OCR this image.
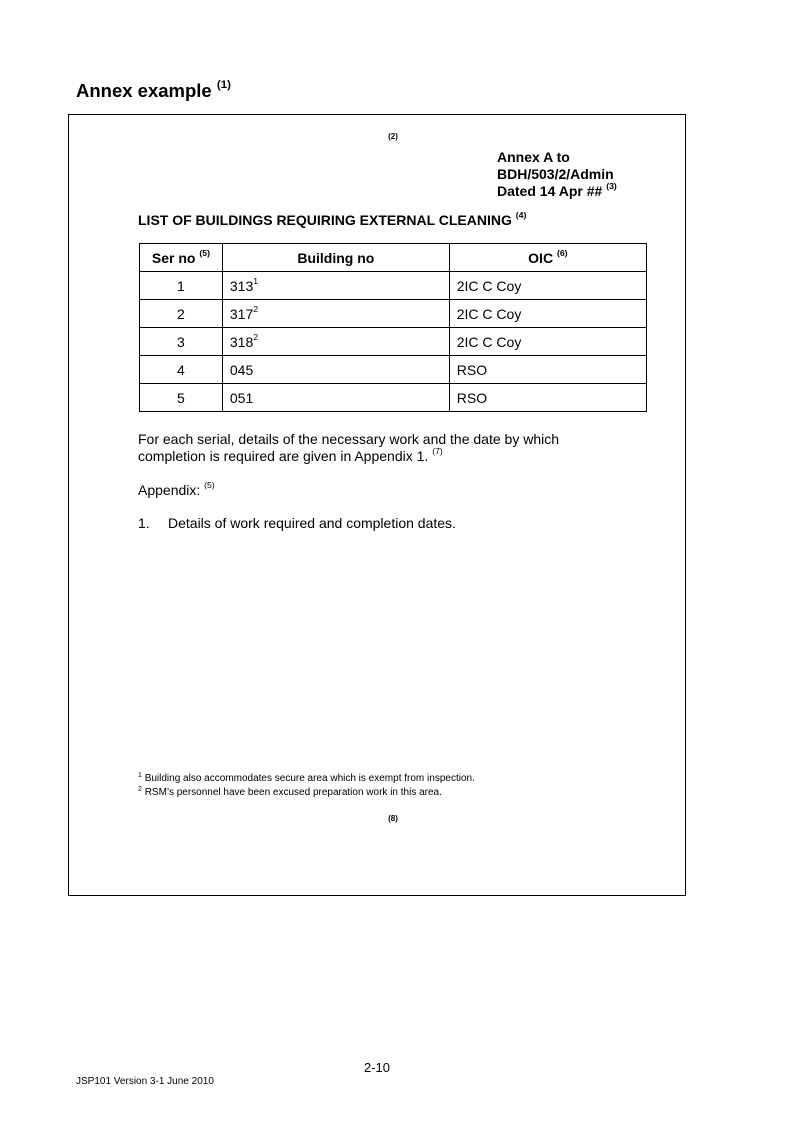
Annex example $^{(1)}$
(2)
Annex A to
BDH/503/2/Admin
Dated 14 Apr ## $^{(3)}$
LIST OF BUILDINGS REQUIRING EXTERNAL CLEANING $^{(4)}$
Ser no $^{(5)}$	Building no	OIC $^{(6)}$
1	$313^1$	2IC C Coy
2	$317^2$	2IC C Coy
3	$318^2$	2IC C Coy
4	045	RSO
5	051	RSO

For each serial, details of the necessary work and the date by which completion is required are given in Appendix 1. $^{(7)}$

Appendix: $^{(5)}$

1. Details of work required and completion dates.

$^1$ Building also accommodates secure area which is exempt from inspection.
$^2$ RSM’s personnel have been excused preparation work in this area.
(8)
2-10
JSP101 Version 3-1 June 2010
